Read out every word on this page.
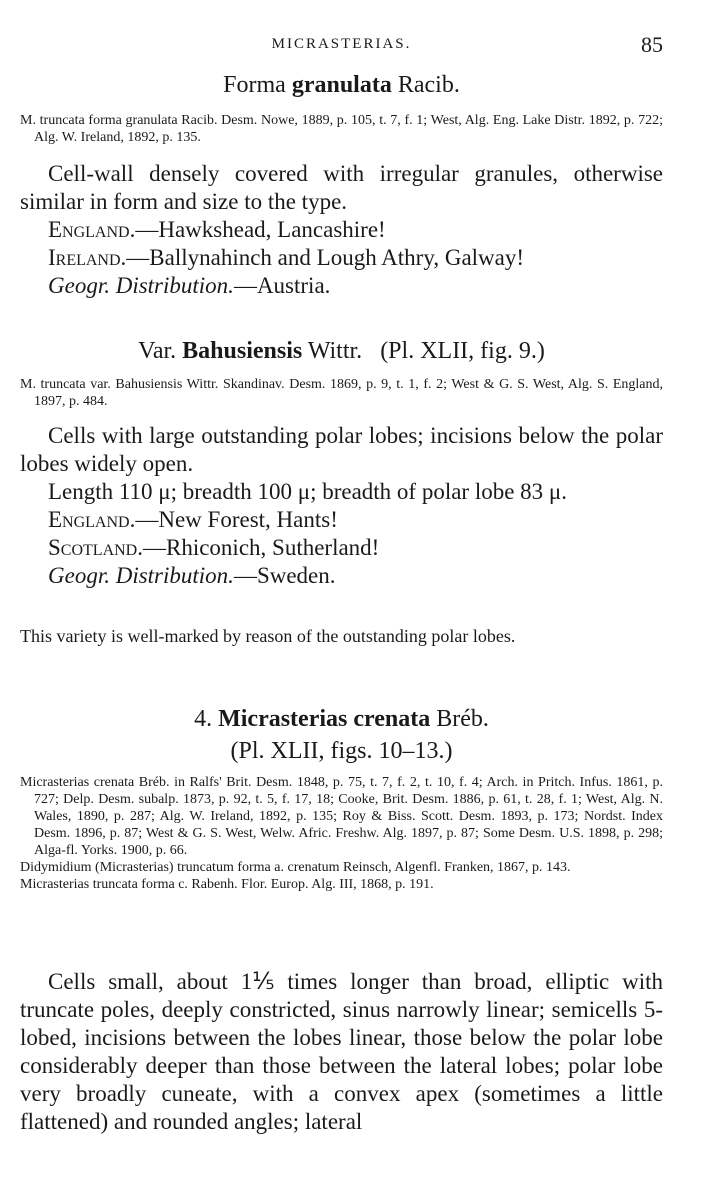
MICRASTERIAS.	85
Forma granulata Racib.

M. truncata forma granulata Racib. Desm. Nowe, 1889, p. 105, t. 7, f. 1; West, Alg. Eng. Lake Distr. 1892, p. 722; Alg. W. Ireland, 1892, p. 135.

Cell-wall densely covered with irregular granules, otherwise similar in form and size to the type.

England.—Hawkshead, Lancashire!

Ireland.—Ballynahinch and Lough Athry, Galway!

Geogr. Distribution.—Austria.

Var. Bahusiensis Wittr. (Pl. XLII, fig. 9.)

M. truncata var. Bahusiensis Wittr. Skandinav. Desm. 1869, p. 9, t. 1, f. 2; West & G. S. West, Alg. S. England, 1897, p. 484.

Cells with large outstanding polar lobes; incisions below the polar lobes widely open.

Length 110 μ; breadth 100 μ; breadth of polar lobe 83 μ.

England.—New Forest, Hants!

Scotland.—Rhiconich, Sutherland!

Geogr. Distribution.—Sweden.

This variety is well-marked by reason of the outstanding polar lobes.

4. Micrasterias crenata Bréb.
(Pl. XLII, figs. 10–13.)

Micrasterias crenata Bréb. in Ralfs' Brit. Desm. 1848, p. 75, t. 7, f. 2, t. 10, f. 4; Arch. in Pritch. Infus. 1861, p. 727; Delp. Desm. subalp. 1873, p. 92, t. 5, f. 17, 18; Cooke, Brit. Desm. 1886, p. 61, t. 28, f. 1; West, Alg. N. Wales, 1890, p. 287; Alg. W. Ireland, 1892, p. 135; Roy & Biss. Scott. Desm. 1893, p. 173; Nordst. Index Desm. 1896, p. 87; West & G. S. West, Welw. Afric. Freshw. Alg. 1897, p. 87; Some Desm. U.S. 1898, p. 298; Alga-fl. Yorks. 1900, p. 66.

Didymidium (Micrasterias) truncatum forma a. crenatum Reinsch, Algenfl. Franken, 1867, p. 143.

Micrasterias truncata forma c. Rabenh. Flor. Europ. Alg. III, 1868, p. 191.

Cells small, about 1⅕ times longer than broad, elliptic with truncate poles, deeply constricted, sinus narrowly linear; semicells 5-lobed, incisions between the lobes linear, those below the polar lobe considerably deeper than those between the lateral lobes; polar lobe very broadly cuneate, with a convex apex (sometimes a little flattened) and rounded angles; lateral
